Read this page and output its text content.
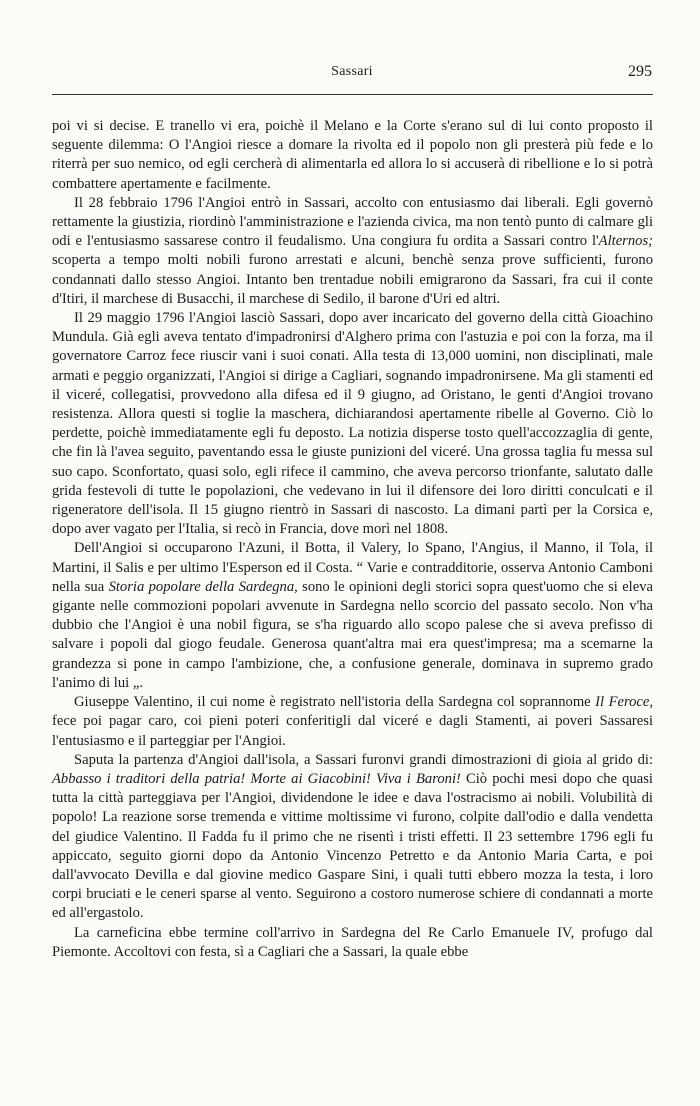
Sassari	295

poi vi si decise. E tranello vi era, poichè il Melano e la Corte s'erano sul di lui conto proposto il seguente dilemma: O l'Angioi riesce a domare la rivolta ed il popolo non gli presterà più fede e lo riterrà per suo nemico, od egli cercherà di alimentarla ed allora lo si accuserà di ribellione e lo si potrà combattere apertamente e facilmente.

Il 28 febbraio 1796 l'Angioi entrò in Sassari, accolto con entusiasmo dai liberali. Egli governò rettamente la giustizia, riordinò l'amministrazione e l'azienda civica, ma non tentò punto di calmare gli odi e l'entusiasmo sassarese contro il feudalismo. Una congiura fu ordita a Sassari contro l'Alternos; scoperta a tempo molti nobili furono arrestati e alcuni, benchè senza prove sufficienti, furono condannati dallo stesso Angioi. Intanto ben trentadue nobili emigrarono da Sassari, fra cui il conte d'Itiri, il marchese di Busacchi, il marchese di Sedilo, il barone d'Uri ed altri.

Il 29 maggio 1796 l'Angioi lasciò Sassari, dopo aver incaricato del governo della città Gioachino Mundula. Già egli aveva tentato d'impadronirsi d'Alghero prima con l'astuzia e poi con la forza, ma il governatore Carroz fece riuscir vani i suoi conati. Alla testa di 13,000 uomini, non disciplinati, male armati e peggio organizzati, l'Angioi si dirige a Cagliari, sognando impadronirsene. Ma gli stamenti ed il viceré, collegatisi, provvedono alla difesa ed il 9 giugno, ad Oristano, le genti d'Angioi trovano resistenza. Allora questi si toglie la maschera, dichiarandosi apertamente ribelle al Governo. Ciò lo perdette, poichè immediatamente egli fu deposto. La notizia disperse tosto quell'accozzaglia di gente, che fin là l'avea seguito, paventando essa le giuste punizioni del viceré. Una grossa taglia fu messa sul suo capo. Sconfortato, quasi solo, egli rifece il cammino, che aveva percorso trionfante, salutato dalle grida festevoli di tutte le popolazioni, che vedevano in lui il difensore dei loro diritti conculcati e il rigeneratore dell'isola. Il 15 giugno rientrò in Sassari di nascosto. La dimani partì per la Corsica e, dopo aver vagato per l'Italia, si recò in Francia, dove morì nel 1808.

Dell'Angioi si occuparono l'Azuni, il Botta, il Valery, lo Spano, l'Angius, il Manno, il Tola, il Martini, il Salis e per ultimo l'Esperson ed il Costa. “ Varie e contradditorie, osserva Antonio Camboni nella sua Storia popolare della Sardegna, sono le opinioni degli storici sopra quest'uomo che si eleva gigante nelle commozioni popolari avvenute in Sardegna nello scorcio del passato secolo. Non v'ha dubbio che l'Angioi è una nobil figura, se s'ha riguardo allo scopo palese che si aveva prefisso di salvare i popoli dal giogo feudale. Generosa quant'altra mai era quest'impresa; ma a scemarne la grandezza si pone in campo l'ambizione, che, a confusione generale, dominava in supremo grado l'animo di lui „.

Giuseppe Valentino, il cui nome è registrato nell'istoria della Sardegna col soprannome Il Feroce, fece poi pagar caro, coi pieni poteri conferitigli dal viceré e dagli Stamenti, ai poveri Sassaresi l'entusiasmo e il parteggiar per l'Angioi.

Saputa la partenza d'Angioi dall'isola, a Sassari furonvi grandi dimostrazioni di gioia al grido di: Abbasso i traditori della patria! Morte ai Giacobini! Viva i Baroni! Ciò pochi mesi dopo che quasi tutta la città parteggiava per l'Angioi, dividendone le idee e dava l'ostracismo ai nobili. Volubilità di popolo! La reazione sorse tremenda e vittime moltissime vi furono, colpite dall'odio e dalla vendetta del giudice Valentino. Il Fadda fu il primo che ne risentì i tristi effetti. Il 23 settembre 1796 egli fu appiccato, seguito giorni dopo da Antonio Vincenzo Petretto e da Antonio Maria Carta, e poi dall'avvocato Devilla e dal giovine medico Gaspare Sini, i quali tutti ebbero mozza la testa, i loro corpi bruciati e le ceneri sparse al vento. Seguirono a costoro numerose schiere di condannati a morte ed all'ergastolo.

La carneficina ebbe termine coll'arrivo in Sardegna del Re Carlo Emanuele IV, profugo dal Piemonte. Accoltovi con festa, sì a Cagliari che a Sassari, la quale ebbe
